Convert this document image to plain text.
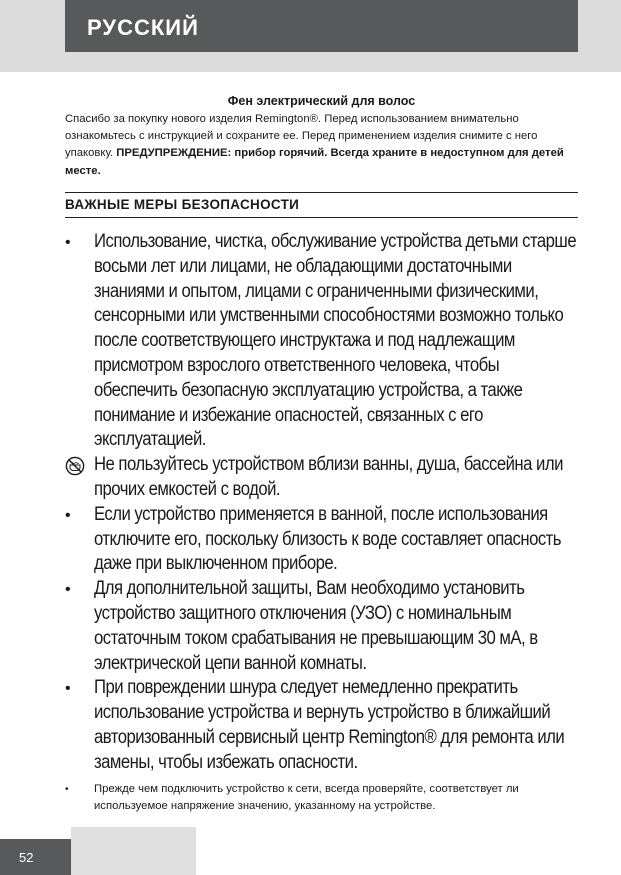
РУССКИЙ
Фен электрический для волос
Спасибо за покупку нового изделия Remington®. Перед использованием внимательно ознакомьтесь с инструкцией и сохраните ее. Перед применением изделия снимите с него упаковку. ПРЕДУПРЕЖДЕНИЕ: прибор горячий. Всегда храните в недоступном для детей месте.
ВАЖНЫЕ МЕРЫ БЕЗОПАСНОСТИ
•	Использование, чистка, обслуживание устройства детьми старше восьми лет или лицами, не обладающими достаточными знаниями и опытом, лицами с ограниченными физическими, сенсорными или умственными способностями возможно только после соответствующего инструктажа и под надлежащим присмотром взрослого ответственного человека, чтобы обеспечить безопасную эксплуатацию устройства, а также понимание и избежание опасностей, связанных с его эксплуатацией.
Не пользуйтесь устройством вблизи ванны, душа, бассейна или прочих емкостей с водой.
•	Если устройство применяется в ванной, после использования отключите его, поскольку близость к воде составляет опасность даже при выключенном приборе.
•	Для дополнительной защиты, Вам необходимо установить устройство защитного отключения (УЗО) с номинальным остаточным током срабатывания не превышающим 30 мА, в электрической цепи ванной комнаты.
•	При повреждении шнура следует немедленно прекратить использование устройства и вернуть устройство в ближайший авторизованный сервисный центр Remington® для ремонта или замены, чтобы избежать опасности.
•	Прежде чем подключить устройство к сети, всегда проверяйте, соответствует ли используемое напряжение значению, указанному на устройстве.
52
